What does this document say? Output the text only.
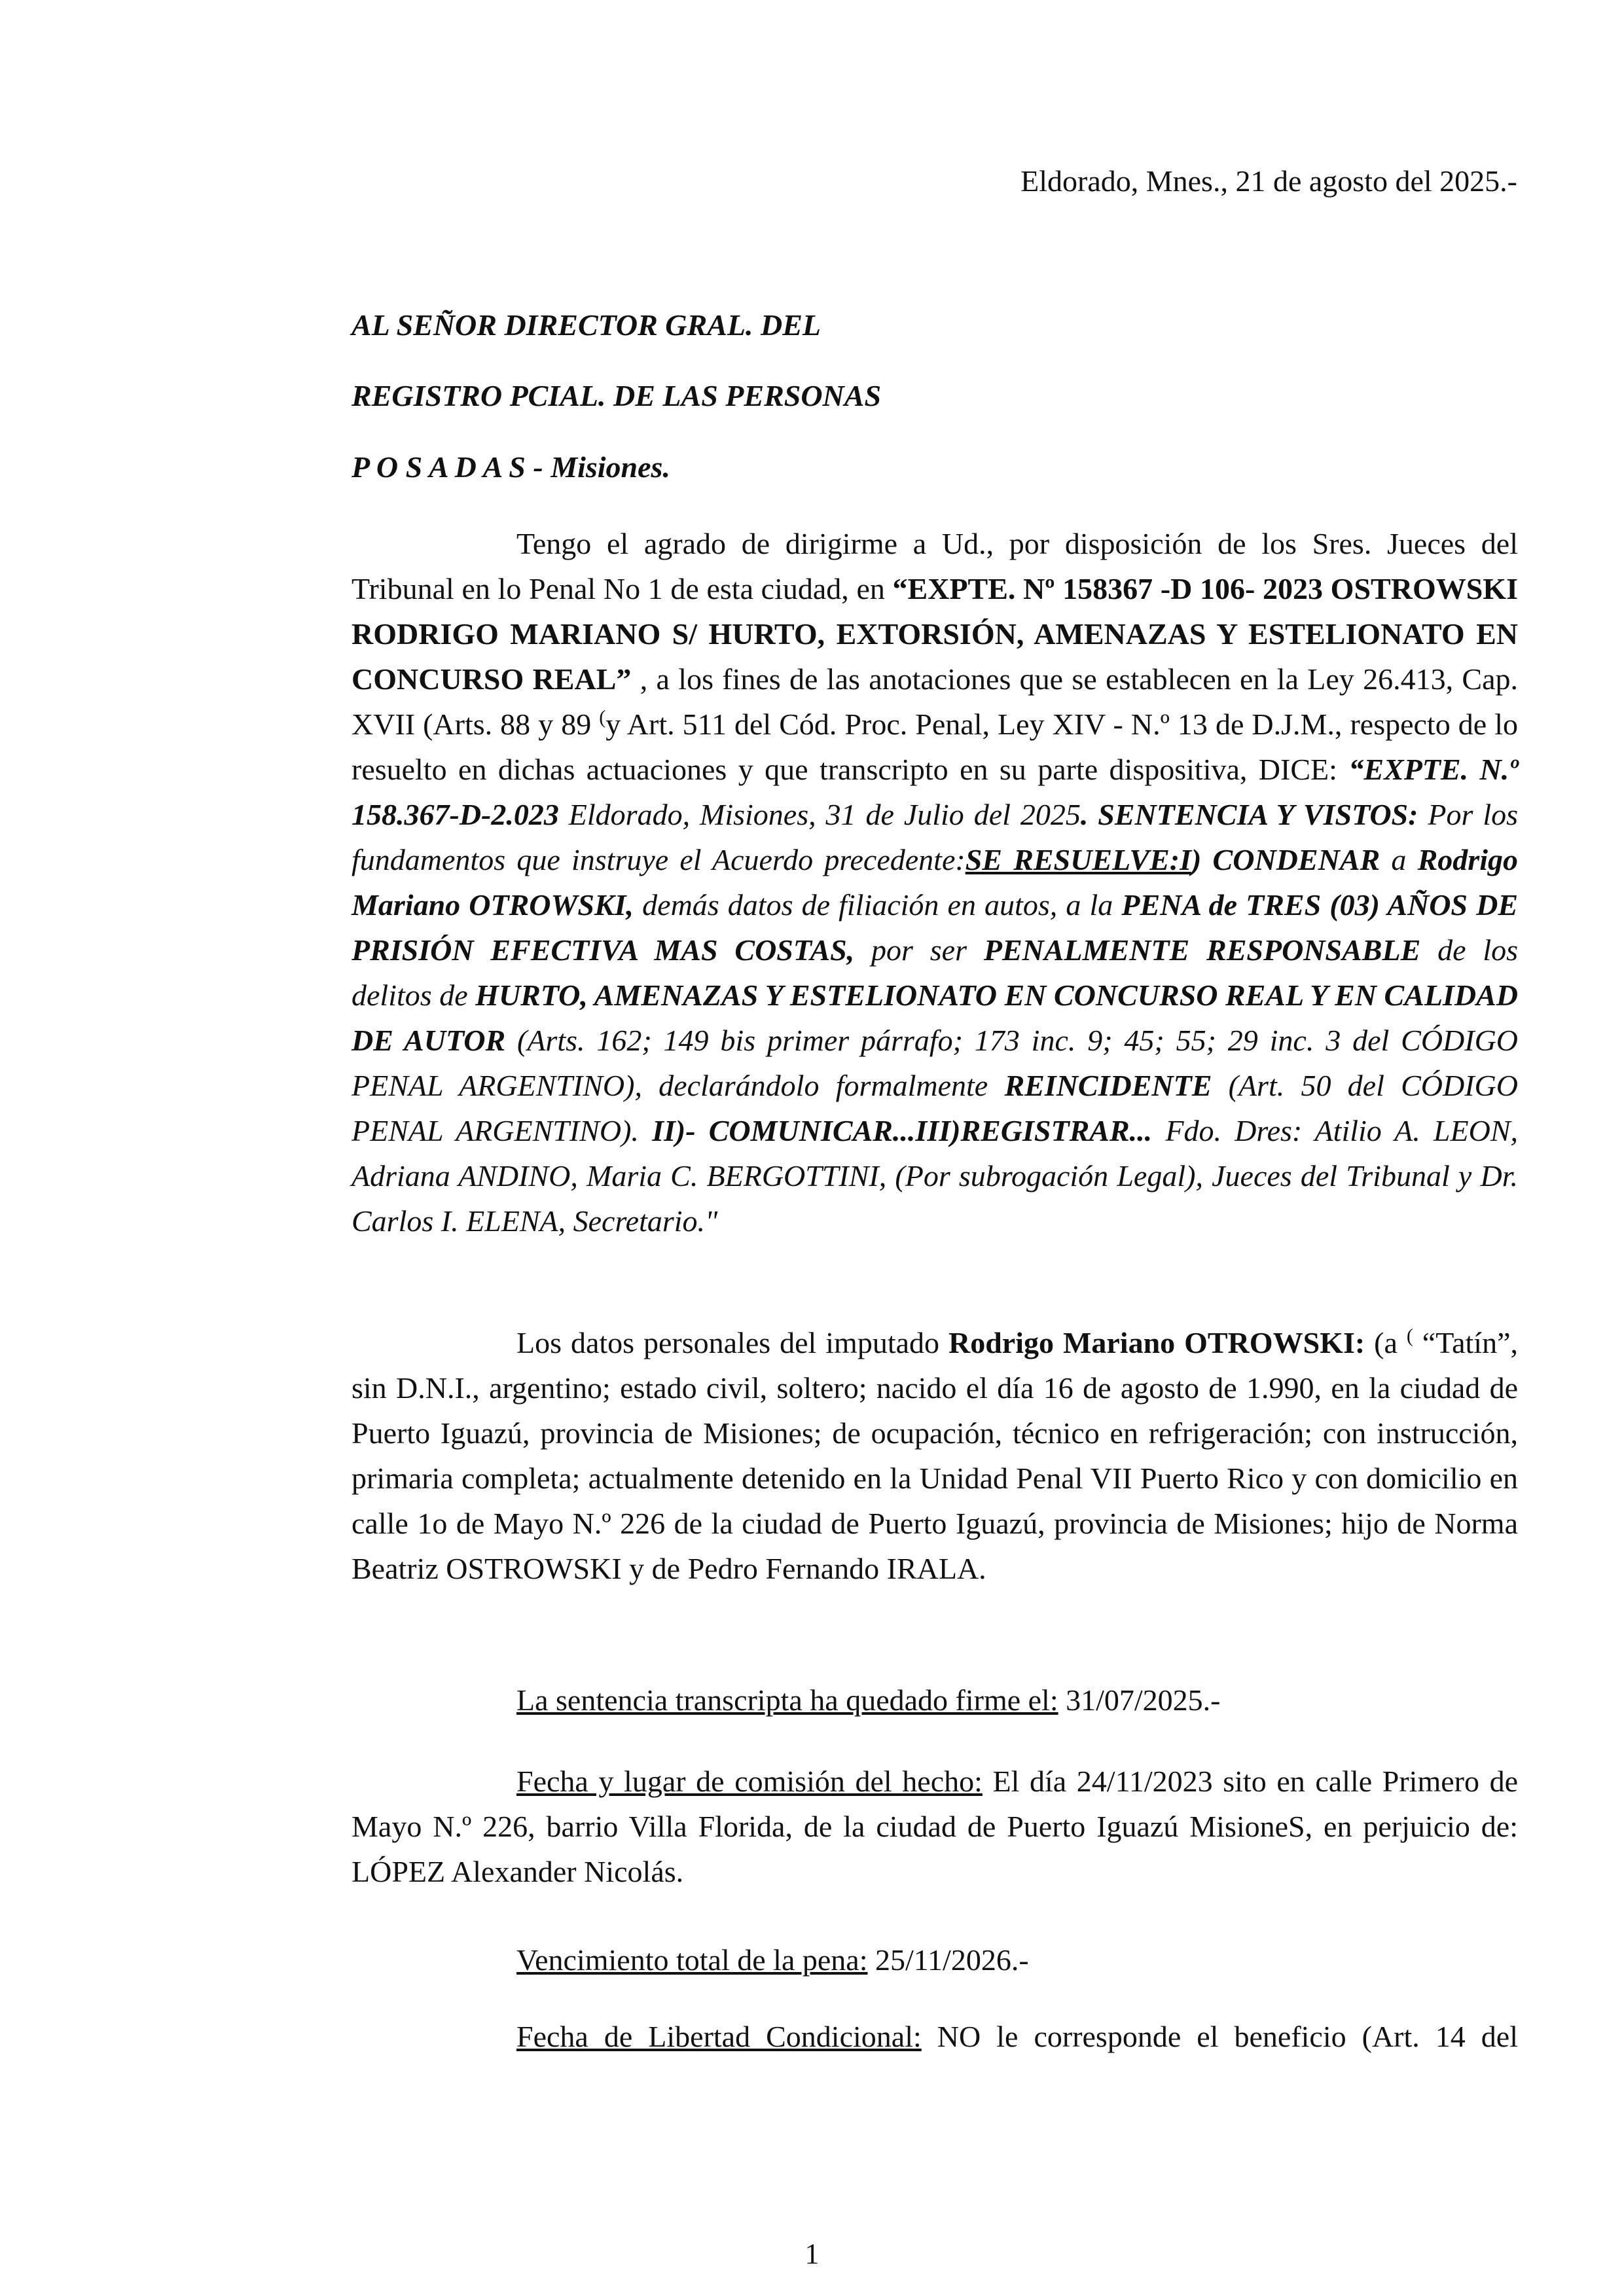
Eldorado, Mnes., 21 de agosto del 2025.-
AL SEÑOR DIRECTOR GRAL. DEL
REGISTRO PCIAL. DE LAS PERSONAS
P O S A D A S - Misiones.
Tengo el agrado de dirigirme a Ud., por disposición de los Sres. Jueces del Tribunal en lo Penal No 1 de esta ciudad, en “EXPTE. Nº 158367 -D 106- 2023 OSTROWSKI RODRIGO MARIANO S/ HURTO, EXTORSIÓN, AMENAZAS Y ESTELIONATO EN CONCURSO REAL” , a los fines de las anotaciones que se establecen en la Ley 26.413, Cap. XVII (Arts. 88 y 89 (y Art. 511 del Cód. Proc. Penal, Ley XIV - N.º 13 de D.J.M., respecto de lo resuelto en dichas actuaciones y que transcripto en su parte dispositiva, DICE: “EXPTE. N.º 158.367-D-2.023 Eldorado, Misiones, 31 de Julio del 2025. SENTENCIA Y VISTOS: Por los fundamentos que instruye el Acuerdo precedente:SE RESUELVE:I) CONDENAR a Rodrigo Mariano OTROWSKI, demás datos de filiación en autos, a la PENA de TRES (03) AÑOS DE PRISIÓN EFECTIVA MAS COSTAS, por ser PENALMENTE RESPONSABLE de los delitos de HURTO, AMENAZAS Y ESTELIONATO EN CONCURSO REAL Y EN CALIDAD DE AUTOR (Arts. 162; 149 bis primer párrafo; 173 inc. 9; 45; 55; 29 inc. 3 del CÓDIGO PENAL ARGENTINO), declarándolo formalmente REINCIDENTE (Art. 50 del CÓDIGO PENAL ARGENTINO). II)- COMUNICAR...III)REGISTRAR... Fdo. Dres: Atilio A. LEON, Adriana ANDINO, Maria C. BERGOTTINI, (Por subrogación Legal), Jueces del Tribunal y Dr. Carlos I. ELENA, Secretario."
Los datos personales del imputado Rodrigo Mariano OTROWSKI: (a ( “Tatín”, sin D.N.I., argentino; estado civil, soltero; nacido el día 16 de agosto de 1.990, en la ciudad de Puerto Iguazú, provincia de Misiones; de ocupación, técnico en refrigeración; con instrucción, primaria completa; actualmente detenido en la Unidad Penal VII Puerto Rico y con domicilio en calle 1o de Mayo N.º 226 de la ciudad de Puerto Iguazú, provincia de Misiones; hijo de Norma Beatriz OSTROWSKI y de Pedro Fernando IRALA.
La sentencia transcripta ha quedado firme el: 31/07/2025.-
Fecha y lugar de comisión del hecho: El día 24/11/2023 sito en calle Primero de Mayo N.º 226, barrio Villa Florida, de la ciudad de Puerto Iguazú MisioneS, en perjuicio de: LÓPEZ Alexander Nicolás.
Vencimiento total de la pena: 25/11/2026.-
Fecha de Libertad Condicional: NO le corresponde el beneficio (Art. 14 del
1
